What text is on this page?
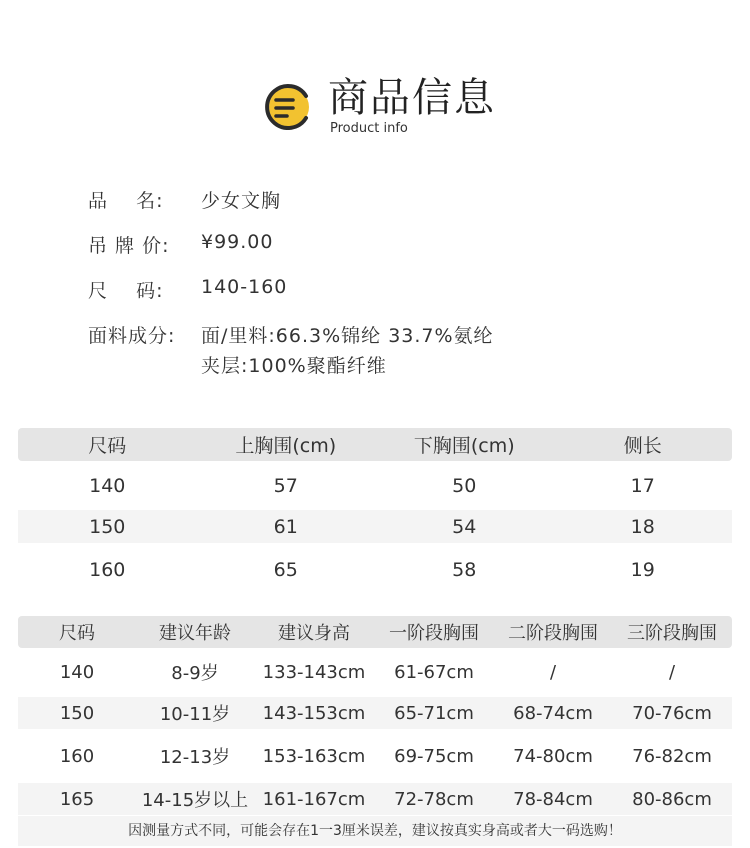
商品信息
Product info
品    名:	少女文胸
吊 牌 价:	¥99.00
尺    码:	140-160
面料成分:	面/里料:66.3%锦纶 33.7%氨纶
夹层:100%聚酯纤维
尺码	上胸围(cm)	下胸围(cm)	侧长
140	57	50	17
150	61	54	18
160	65	58	19
尺码	建议年龄	建议身高	一阶段胸围	二阶段胸围	三阶段胸围
140	8-9岁	133-143cm	61-67cm	/	/
150	10-11岁	143-153cm	65-71cm	68-74cm	70-76cm
160	12-13岁	153-163cm	69-75cm	74-80cm	76-82cm
165	14-15岁以上 161-167cm	72-78cm	78-84cm	80-86cm
因测量方式不同，可能会存在1一3厘米误差，建议按真实身高或者大一码选购！
